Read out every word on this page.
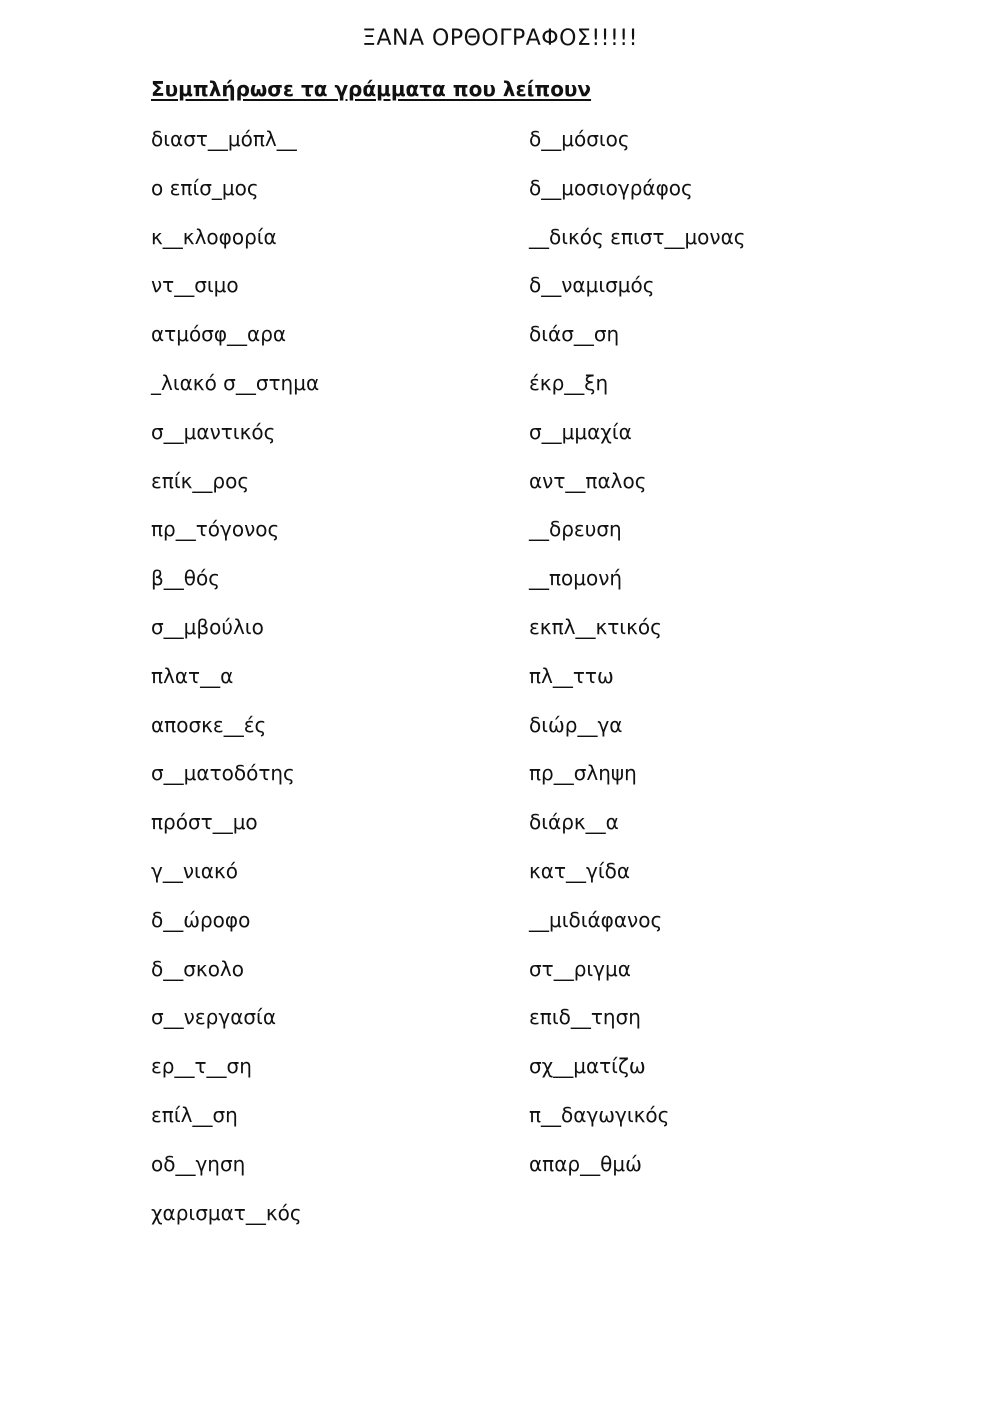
ΞΑΝΑ ΟΡΘΟΓΡΑΦΟΣ!!!!!
Συμπλήρωσε τα γράμματα που λείπουν
διαστ__μόπλ__
ο επίσ_μος
κ__κλοφορία
ντ__σιμο
ατμόσφ__αρα
_λιακό σ__στημα
σ__μαντικός
επίκ__ρος
πρ__τόγονος
β__θός
σ__μβούλιο
πλατ__α
αποσκε__ές
σ__ματοδότης
πρόστ__μο
γ__νιακό
δ__ώροφο
δ__σκολο
σ__νεργασία
ερ__τ__ση
επίλ__ση
οδ__γηση
χαρισματ__κός
δ__μόσιος
δ__μοσιογράφος
__δικός επιστ__μονας
δ__ναμισμός
διάσ__ση
έκρ__ξη
σ__μμαχία
αντ__παλος
__δρευση
__πομονή
εκπλ__κτικός
πλ__ττω
διώρ__γα
πρ__σληψη
διάρκ__α
κατ__γίδα
__μιδιάφανος
στ__ριγμα
επιδ__τηση
σχ__ματίζω
π__δαγωγικός
απαρ__θμώ
